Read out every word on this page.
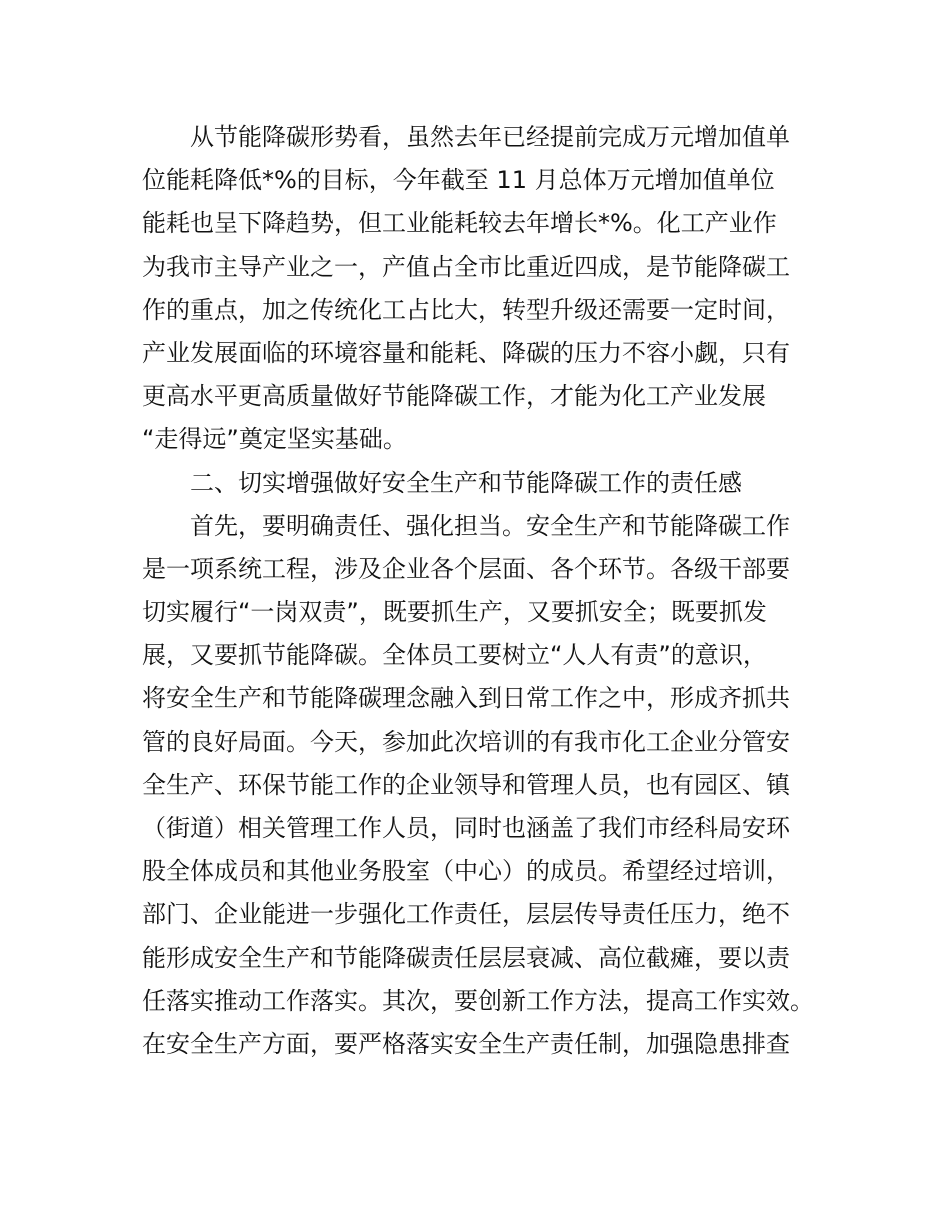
从节能降碳形势看，虽然去年已经提前完成万元增加值单
位能耗降低*%的目标，今年截至 11 月总体万元增加值单位
能耗也呈下降趋势，但工业能耗较去年增长*%。化工产业作
为我市主导产业之一，产值占全市比重近四成，是节能降碳工
作的重点，加之传统化工占比大，转型升级还需要一定时间，
产业发展面临的环境容量和能耗、降碳的压力不容小觑，只有
更高水平更高质量做好节能降碳工作，才能为化工产业发展
“走得远”奠定坚实基础。
二、切实增强做好安全生产和节能降碳工作的责任感
首先，要明确责任、强化担当。安全生产和节能降碳工作
是一项系统工程，涉及企业各个层面、各个环节。各级干部要
切实履行“一岗双责”，既要抓生产，又要抓安全；既要抓发
展，又要抓节能降碳。全体员工要树立“人人有责”的意识，
将安全生产和节能降碳理念融入到日常工作之中，形成齐抓共
管的良好局面。今天，参加此次培训的有我市化工企业分管安
全生产、环保节能工作的企业领导和管理人员，也有园区、镇
（街道）相关管理工作人员，同时也涵盖了我们市经科局安环
股全体成员和其他业务股室（中心）的成员。希望经过培训，
部门、企业能进一步强化工作责任，层层传导责任压力，绝不
能形成安全生产和节能降碳责任层层衰减、高位截瘫，要以责
任落实推动工作落实。其次，要创新工作方法，提高工作实效。
在安全生产方面，要严格落实安全生产责任制，加强隐患排查
